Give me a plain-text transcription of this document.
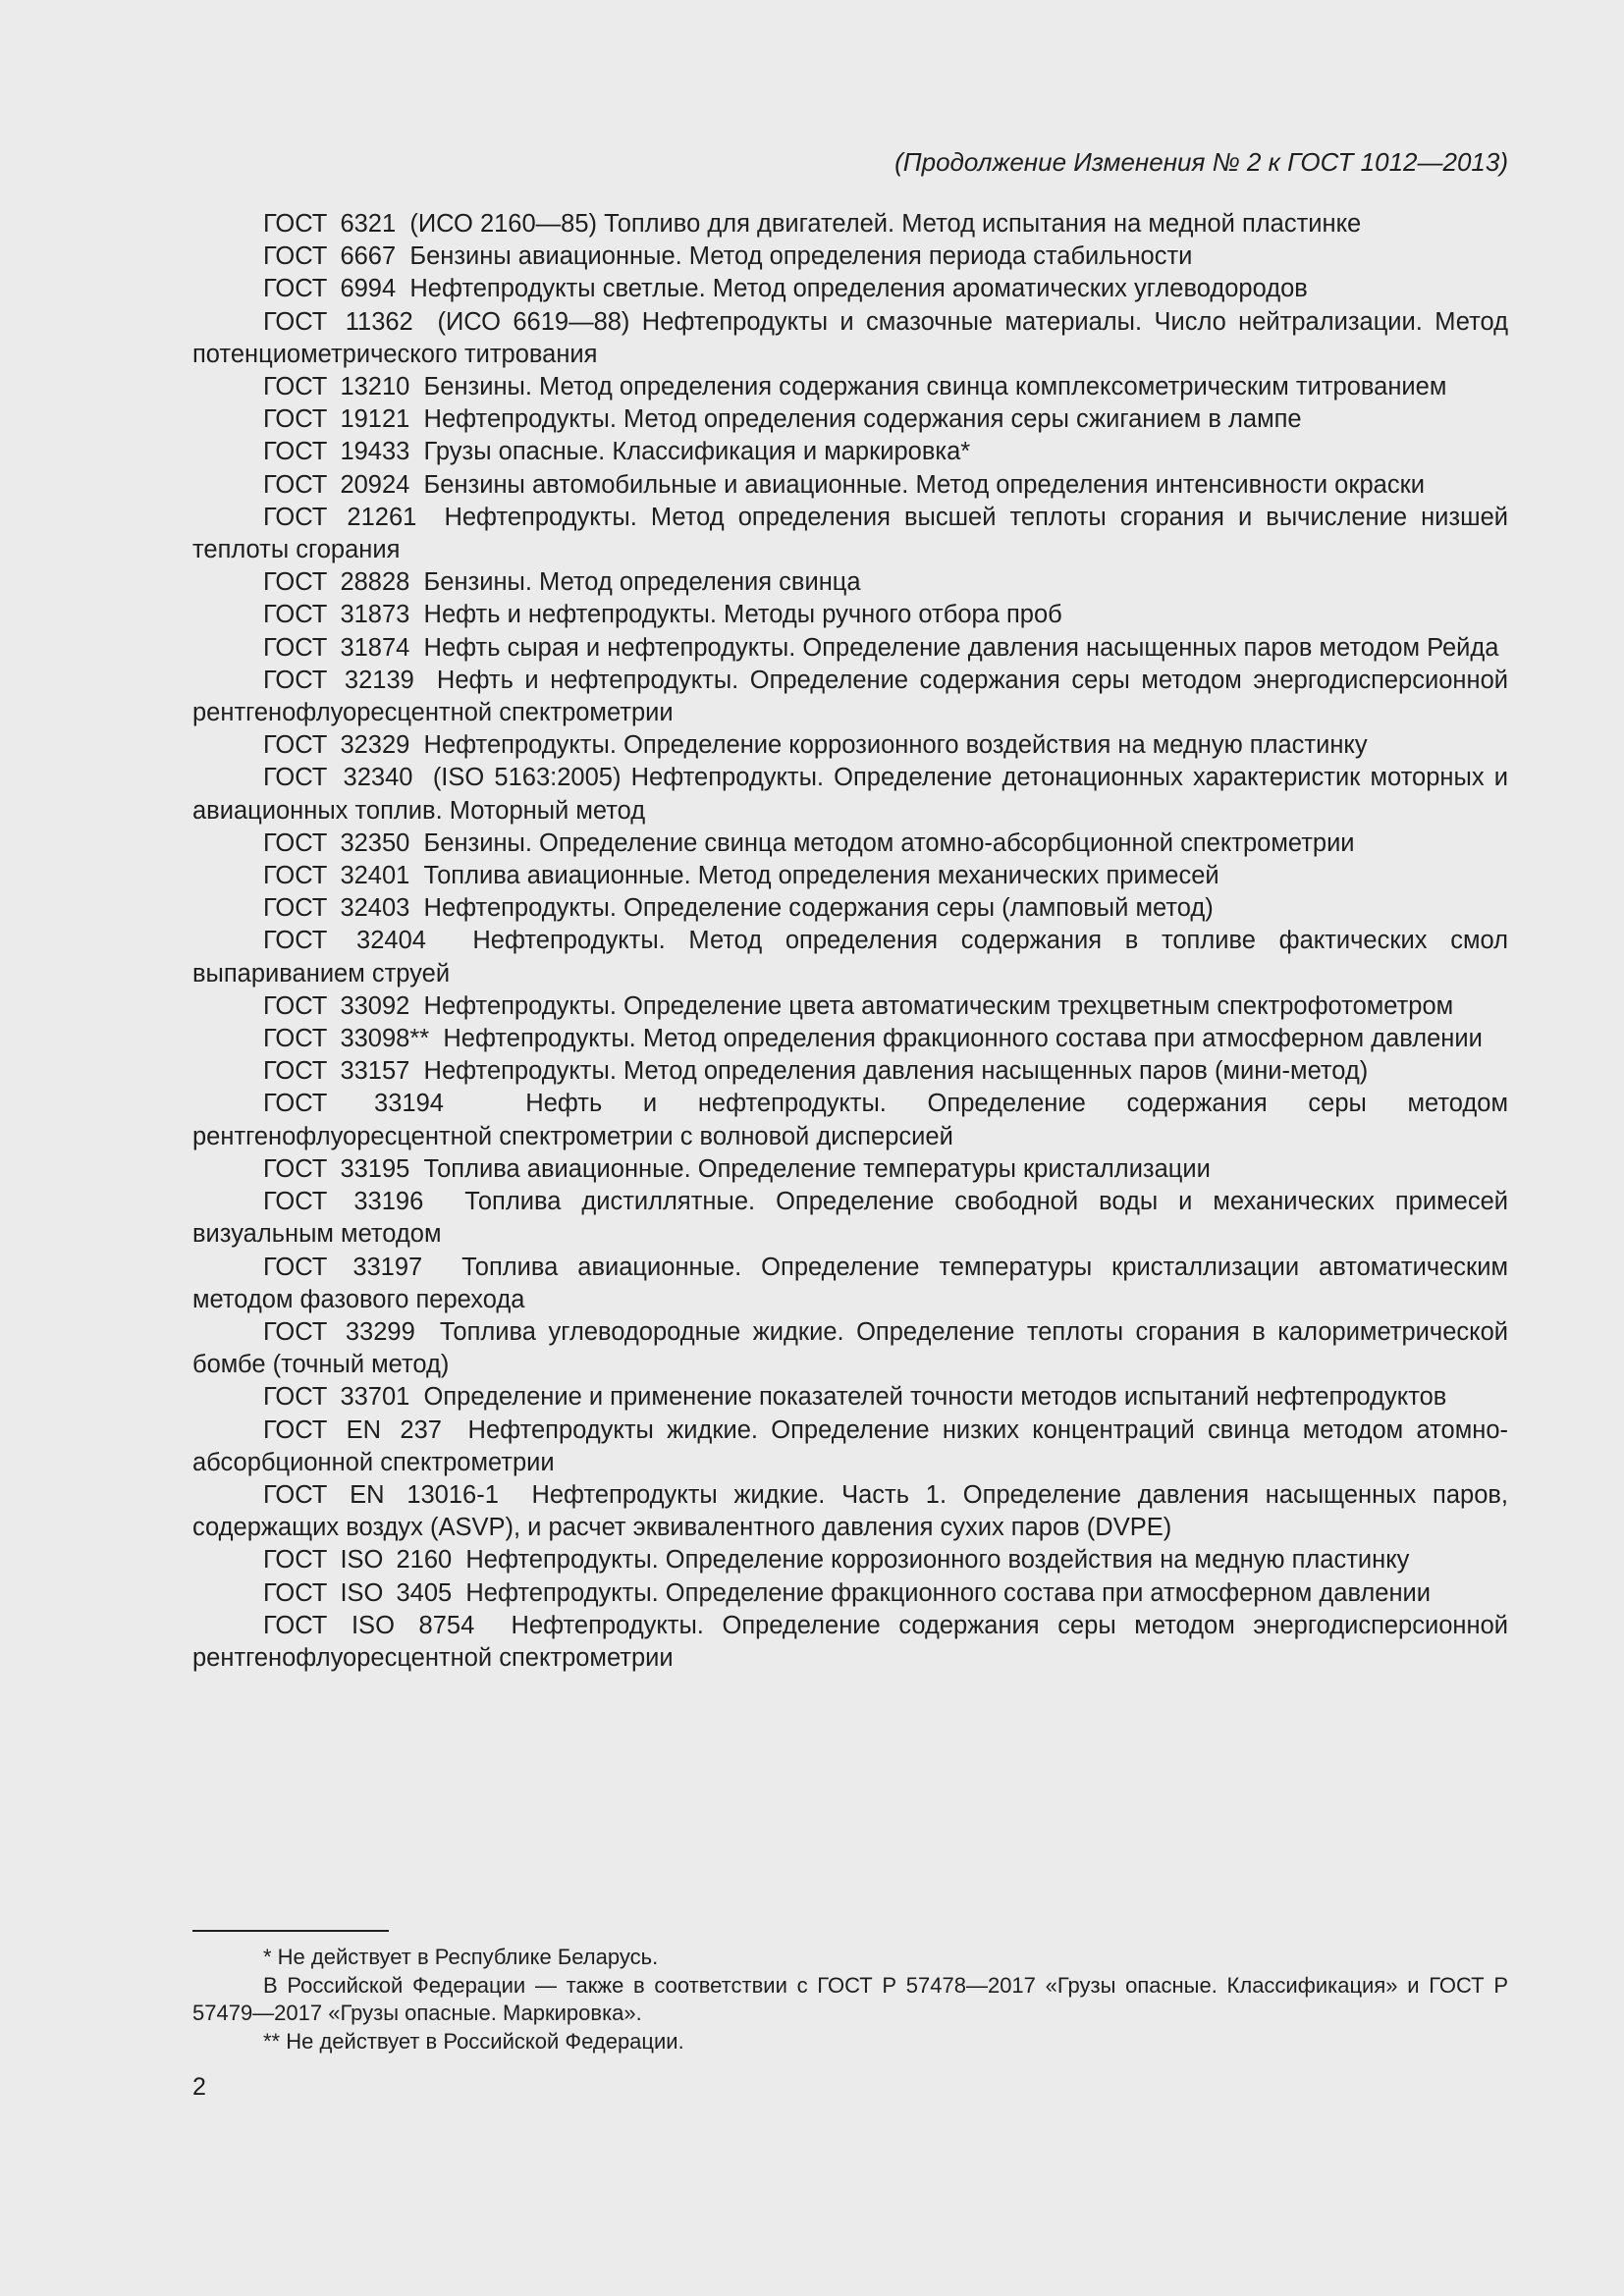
(Продолжение Изменения № 2 к ГОСТ 1012—2013)

ГОСТ 6321 (ИСО 2160—85) Топливо для двигателей. Метод испытания на медной пластинке

ГОСТ 6667 Бензины авиационные. Метод определения периода стабильности

ГОСТ 6994 Нефтепродукты светлые. Метод определения ароматических углеводородов

ГОСТ 11362 (ИСО 6619—88) Нефтепродукты и смазочные материалы. Число нейтрализации. Метод потенциометрического титрования

ГОСТ 13210 Бензины. Метод определения содержания свинца комплексометрическим титрованием

ГОСТ 19121 Нефтепродукты. Метод определения содержания серы сжиганием в лампе

ГОСТ 19433 Грузы опасные. Классификация и маркировка*

ГОСТ 20924 Бензины автомобильные и авиационные. Метод определения интенсивности окраски

ГОСТ 21261 Нефтепродукты. Метод определения высшей теплоты сгорания и вычисление низшей теплоты сгорания

ГОСТ 28828 Бензины. Метод определения свинца

ГОСТ 31873 Нефть и нефтепродукты. Методы ручного отбора проб

ГОСТ 31874 Нефть сырая и нефтепродукты. Определение давления насыщенных паров методом Рейда

ГОСТ 32139 Нефть и нефтепродукты. Определение содержания серы методом энергодисперсионной рентгенофлуоресцентной спектрометрии

ГОСТ 32329 Нефтепродукты. Определение коррозионного воздействия на медную пластинку

ГОСТ 32340 (ISO 5163:2005) Нефтепродукты. Определение детонационных характеристик моторных и авиационных топлив. Моторный метод

ГОСТ 32350 Бензины. Определение свинца методом атомно-абсорбционной спектрометрии

ГОСТ 32401 Топлива авиационные. Метод определения механических примесей

ГОСТ 32403 Нефтепродукты. Определение содержания серы (ламповый метод)

ГОСТ 32404 Нефтепродукты. Метод определения содержания в топливе фактических смол выпариванием струей

ГОСТ 33092 Нефтепродукты. Определение цвета автоматическим трехцветным спектрофотометром

ГОСТ 33098** Нефтепродукты. Метод определения фракционного состава при атмосферном давлении

ГОСТ 33157 Нефтепродукты. Метод определения давления насыщенных паров (мини-метод)

ГОСТ 33194	Нефть и нефтепродукты. Определение содержания серы методом рентгенофлуоресцентной спектрометрии с волновой дисперсией

ГОСТ 33195 Топлива авиационные. Определение температуры кристаллизации

ГОСТ 33196 Топлива дистиллятные. Определение свободной воды и механических примесей визуальным методом

ГОСТ 33197 Топлива авиационные. Определение температуры кристаллизации автоматическим методом фазового перехода

ГОСТ 33299 Топлива углеводородные жидкие. Определение теплоты сгорания в калориметрической бомбе (точный метод)

ГОСТ 33701 Определение и применение показателей точности методов испытаний нефтепродуктов

ГОСТ EN 237 Нефтепродукты жидкие. Определение низких концентраций свинца методом атомно-абсорбционной спектрометрии

ГОСТ EN 13016-1 Нефтепродукты жидкие. Часть 1. Определение давления насыщенных паров, содержащих воздух (ASVP), и расчет эквивалентного давления сухих паров (DVPE)

ГОСТ ISO 2160 Нефтепродукты. Определение коррозионного воздействия на медную пластинку

ГОСТ ISO 3405 Нефтепродукты. Определение фракционного состава при атмосферном давлении

ГОСТ ISO 8754 Нефтепродукты. Определение содержания серы методом энергодисперсионной рентгенофлуоресцентной спектрометрии

* Не действует в Республике Беларусь.

В Российской Федерации — также в соответствии с ГОСТ Р 57478—2017 «Грузы опасные. Классификация» и ГОСТ Р 57479—2017 «Грузы опасные. Маркировка».

** Не действует в Российской Федерации.

2
